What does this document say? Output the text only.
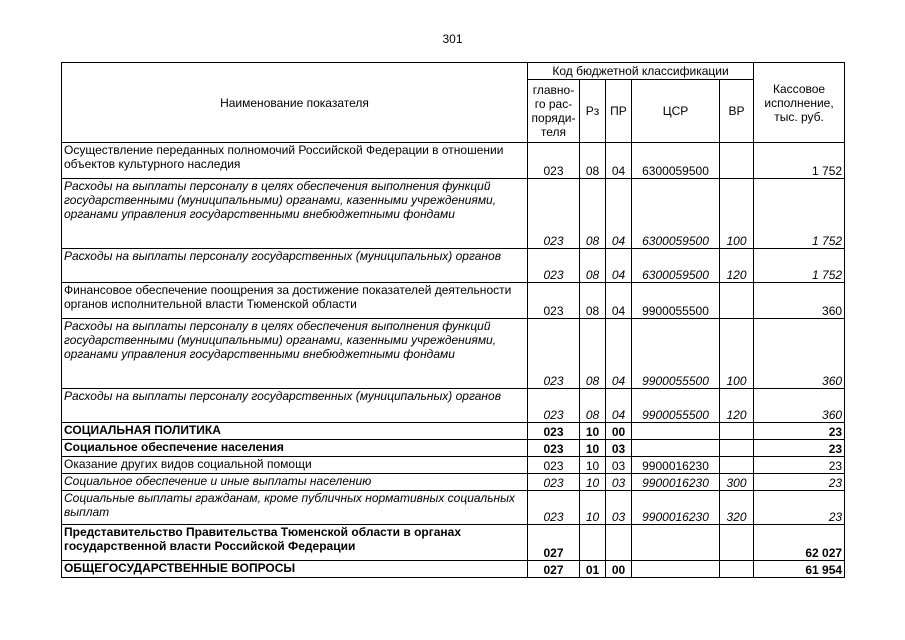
301
Наименование показателя	Код бюджетной классификации					Кассовое
исполнение,
тыс. руб.
	главно-
го рас-
поряди-
теля	Рз	ПР	ЦСР	ВР	
Осуществление переданных полномочий Российской Федерации в отношении объектов культурного наследия	023	08	04	6300059500		1 752
Расходы на выплаты персоналу в целях обеспечения выполнения функций государственными (муниципальными) органами, казенными учреждениями, органами управления государственными внебюджетными фондами	023	08	04	6300059500	100	1 752
Расходы на выплаты персоналу государственных (муниципальных) органов	023	08	04	6300059500	120	1 752
Финансовое обеспечение поощрения за достижение показателей деятельности органов исполнительной власти Тюменской области	023	08	04	9900055500		360
Расходы на выплаты персоналу в целях обеспечения выполнения функций государственными (муниципальными) органами, казенными учреждениями, органами управления государственными внебюджетными фондами	023	08	04	9900055500	100	360
Расходы на выплаты персоналу государственных (муниципальных) органов	023	08	04	9900055500	120	360
СОЦИАЛЬНАЯ ПОЛИТИКА	023	10	00			23
Социальное обеспечение населения	023	10	03			23
Оказание других видов социальной помощи	023	10	03	9900016230		23
Социальное обеспечение и иные выплаты населению	023	10	03	9900016230	300	23
Социальные выплаты гражданам, кроме публичных нормативных социальных выплат	023	10	03	9900016230	320	23
Представительство Правительства Тюменской области в органах государственной власти Российской Федерации	027					62 027
ОБЩЕГОСУДАРСТВЕННЫЕ ВОПРОСЫ	027	01	00			61 954
